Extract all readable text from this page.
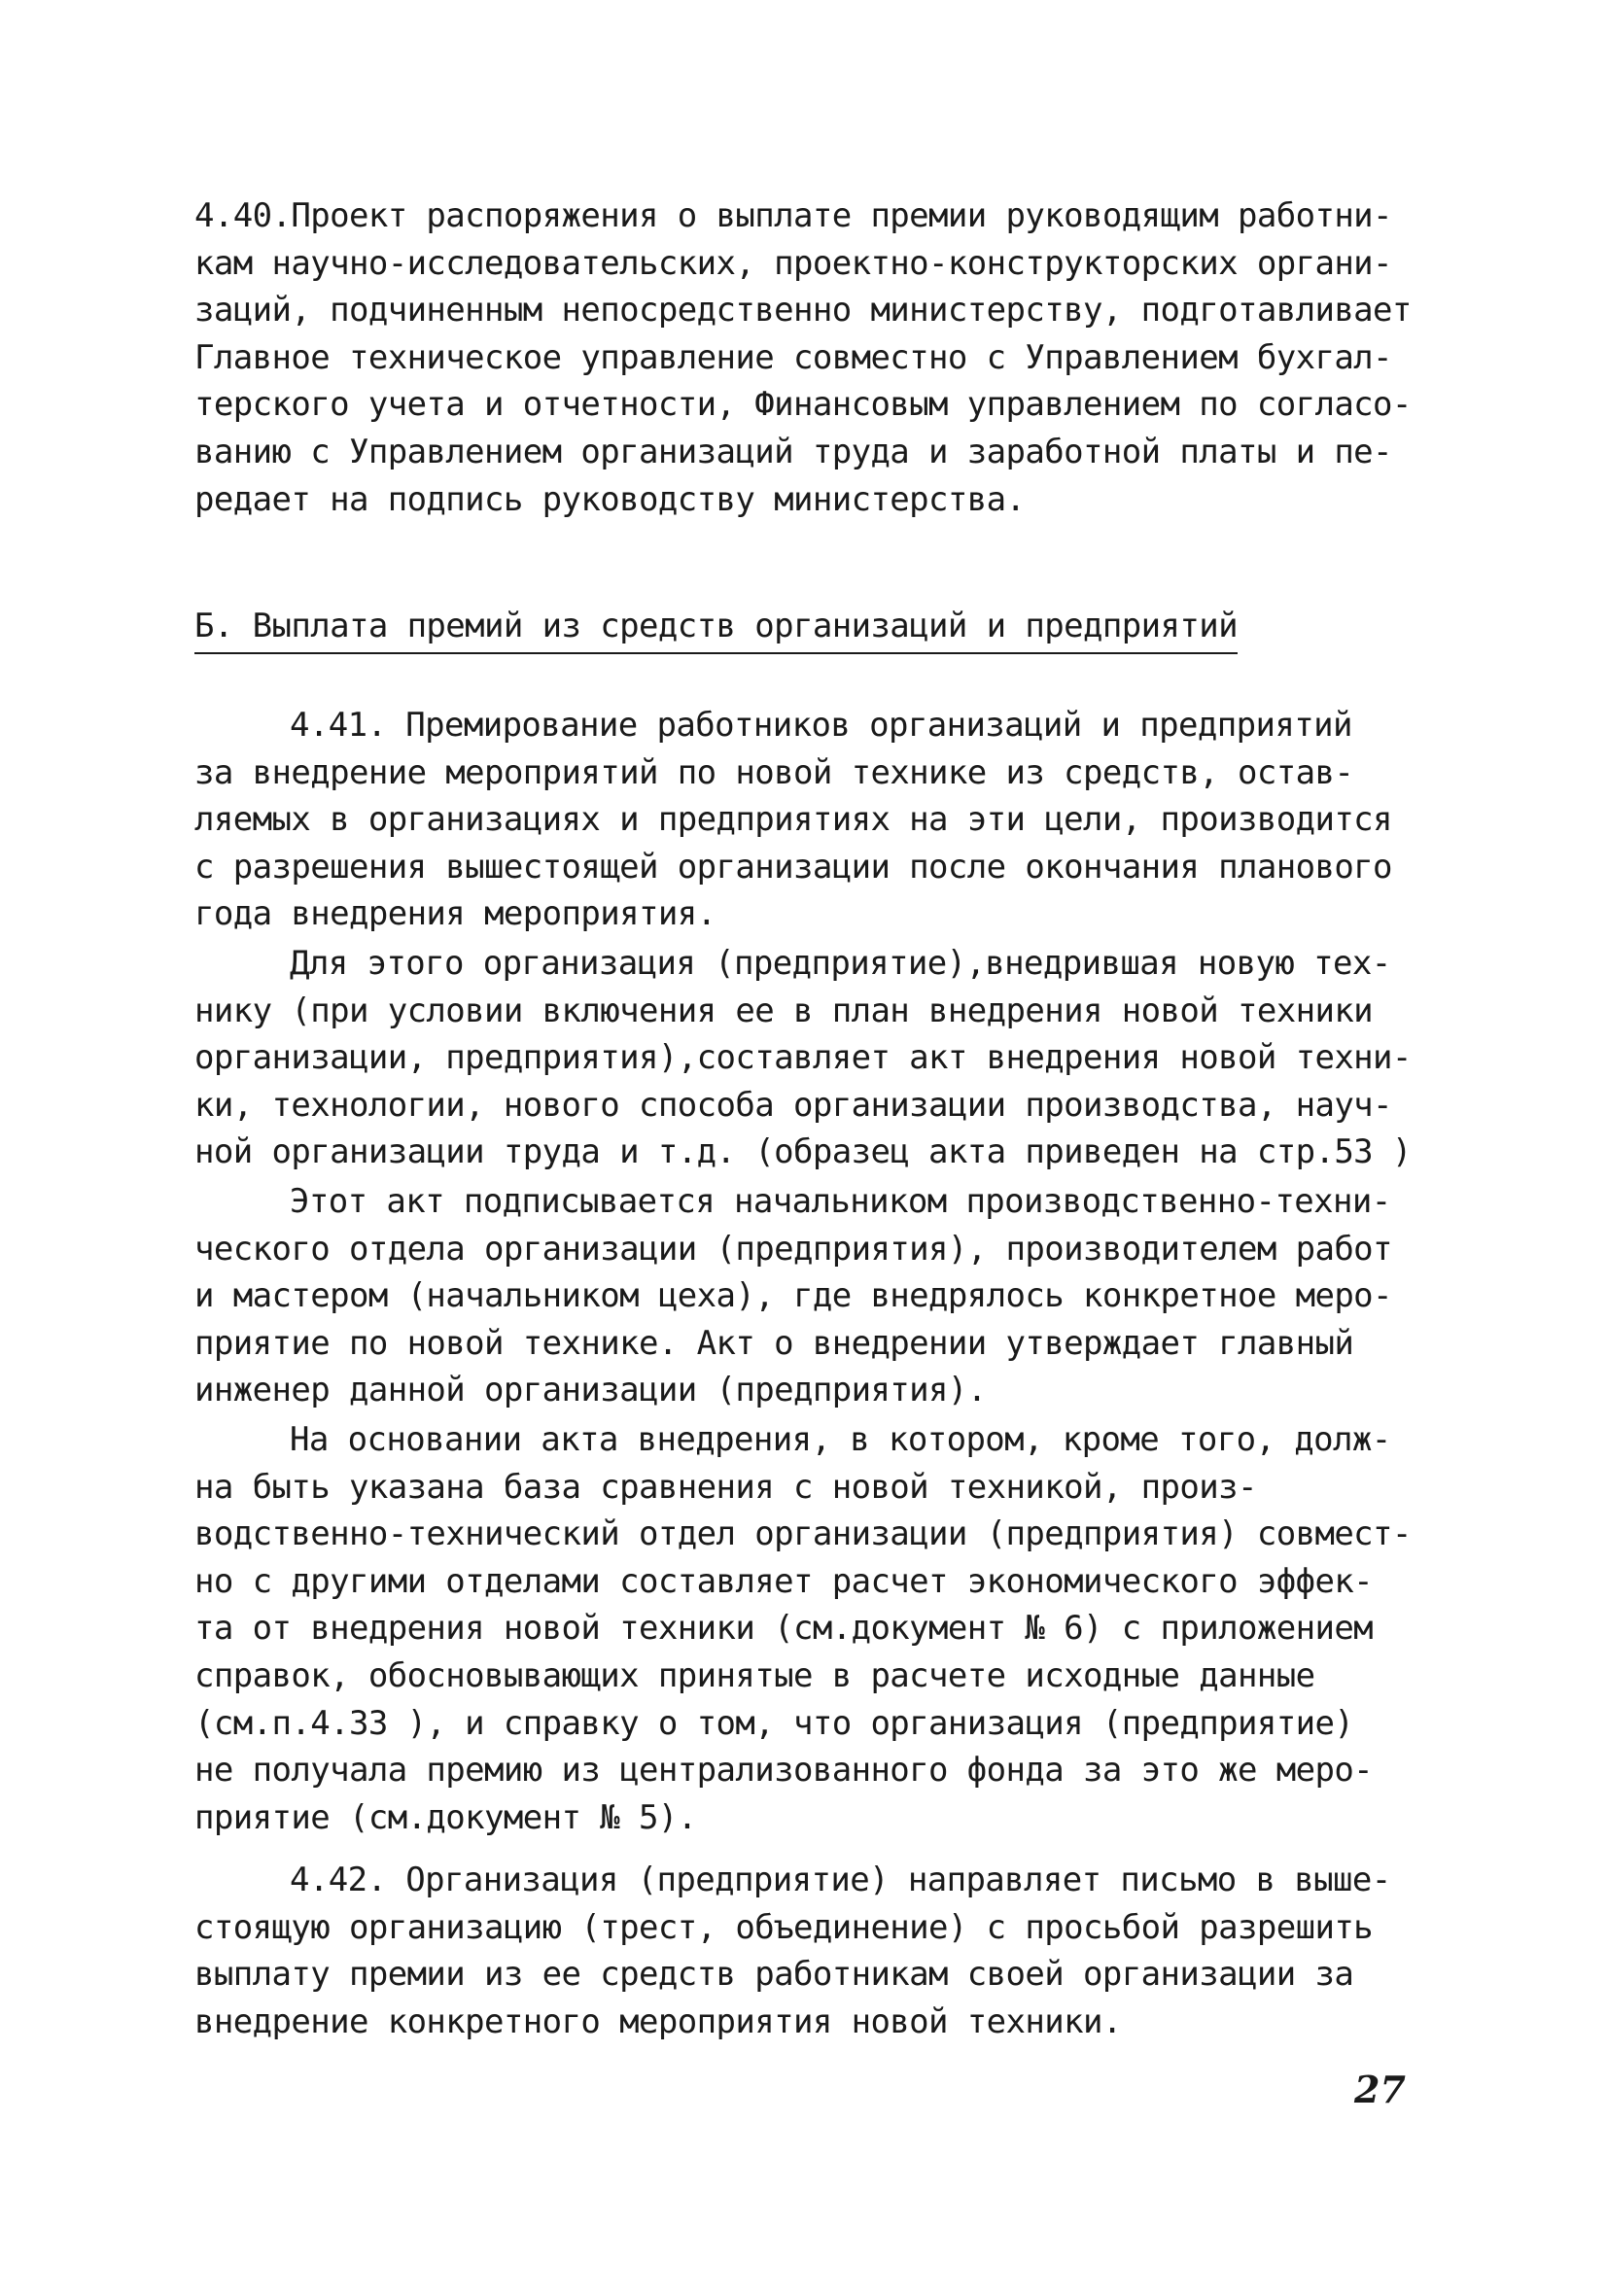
4.40.Проект распоряжения о выплате премии руководящим работни-
кам научно-исследовательских, проектно-конструкторских органи-
заций, подчиненным непосредственно министерству, подготавливает
Главное техническое управление совместно с Управлением бухгал-
терского учета и отчетности, Финансовым управлением по согласо-
ванию с Управлением организаций труда и заработной платы и пе-
редает на подпись руководству министерства.
Б. Выплата премий из средств организаций и предприятий
4.41. Премирование работников организаций и предприятий
за внедрение мероприятий по новой технике из средств, остав-
ляемых в организациях и предприятиях на эти цели, производится
с разрешения вышестоящей организации после окончания планового
года внедрения мероприятия.
Для этого организация (предприятие),внедрившая новую тех-
нику (при условии включения ее в план внедрения новой техники
организации, предприятия),составляет акт внедрения новой техни-
ки, технологии, нового способа организации производства, науч-
ной организации труда и т.д. (образец акта приведен на стр.53 )
Этот акт подписывается начальником производственно-техни-
ческого отдела организации (предприятия), производителем работ
и мастером (начальником цеха), где внедрялось конкретное меро-
приятие по новой технике. Акт о внедрении утверждает главный
инженер данной организации (предприятия).
На основании акта внедрения, в котором, кроме того, долж-
на быть указана база сравнения с новой техникой, произ-
водственно-технический отдел организации (предприятия) совмест-
но с другими отделами составляет расчет экономического эффек-
та от внедрения новой техники (см.документ № 6) с приложением
справок, обосновывающих принятые в расчете исходные данные
(см.п.4.33 ), и справку о том, что организация (предприятие)
не получала премию из централизованного фонда за это же меро-
приятие (см.документ № 5).
4.42. Организация (предприятие) направляет письмо в выше-
стоящую организацию (трест, объединение) с просьбой разрешить
выплату премии из ее средств работникам своей организации за
внедрение конкретного мероприятия новой техники.
27
